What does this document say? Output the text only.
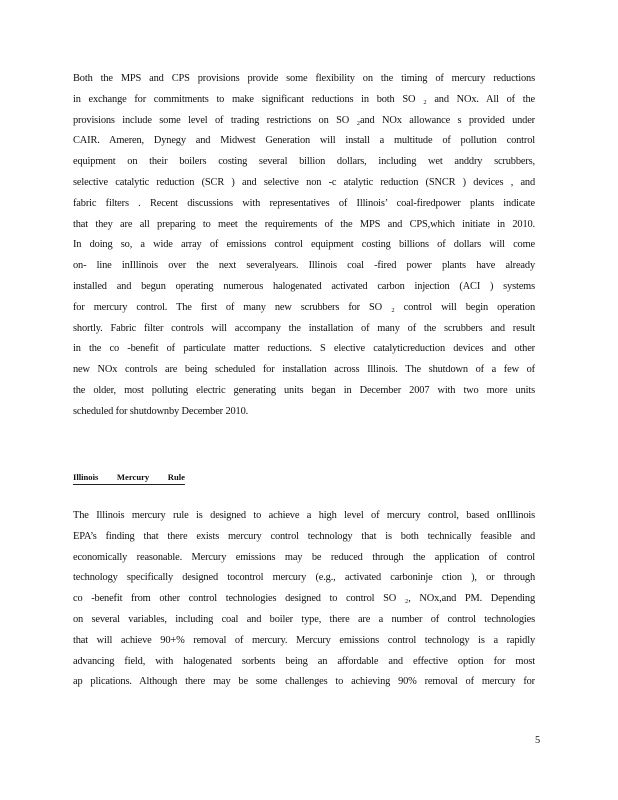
Both the MPS and CPS provisions provide some flexibility on the timing of mercury reductions
in exchange for commitments to make significant reductions in both SO ₂ and NOx. All of the
provisions include some level of trading restrictions on SO ₂and NOx allowance s provided under
CAIR. Ameren, Dynegy and Midwest Generation will install a multitude of pollution control
equipment on their boilers costing several billion dollars, including wet anddry scrubbers,
selective catalytic reduction (SCR ) and selective non -c atalytic reduction (SNCR ) devices , and
fabric filters . Recent discussions with representatives of Illinois’ coal-firedpower plants indicate
that they are all preparing to meet the requirements of the MPS and CPS,which initiate in 2010.
In doing so, a wide array of emissions control equipment costing billions of dollars will come
on- line inIllinois over the next severalyears. Illinois coal -fired power plants have already
installed and begun operating numerous halogenated activated carbon injection (ACI ) systems
for mercury control. The first of many new scrubbers for SO ₂ control will begin operation
shortly. Fabric filter controls will accompany the installation of many of the scrubbers and result
in the co -benefit of particulate matter reductions. S elective catalyticreduction devices and other
new NOx controls are being scheduled for installation across Illinois. The shutdown of a few of
the older, most polluting electric generating units began in December 2007 with two more units
scheduled for shutdownby December 2010.
Illinois Mercury Rule
The Illinois mercury rule is designed to achieve a high level of mercury control, based onIllinois
EPA’s finding that there exists mercury control technology that is both technically feasible and
economically reasonable. Mercury emissions may be reduced through the application of control
technology specifically designed tocontrol mercury (e.g., activated carboninje ction ), or through
co -benefit from other control technologies designed to control SO ₂, NOx,and PM. Depending
on several variables, including coal and boiler type, there are a number of control technologies
that will achieve 90+% removal of mercury. Mercury emissions control technology is a rapidly
advancing field, with halogenated sorbents being an affordable and effective option for most
ap plications. Although there may be some challenges to achieving 90% removal of mercury for
5
